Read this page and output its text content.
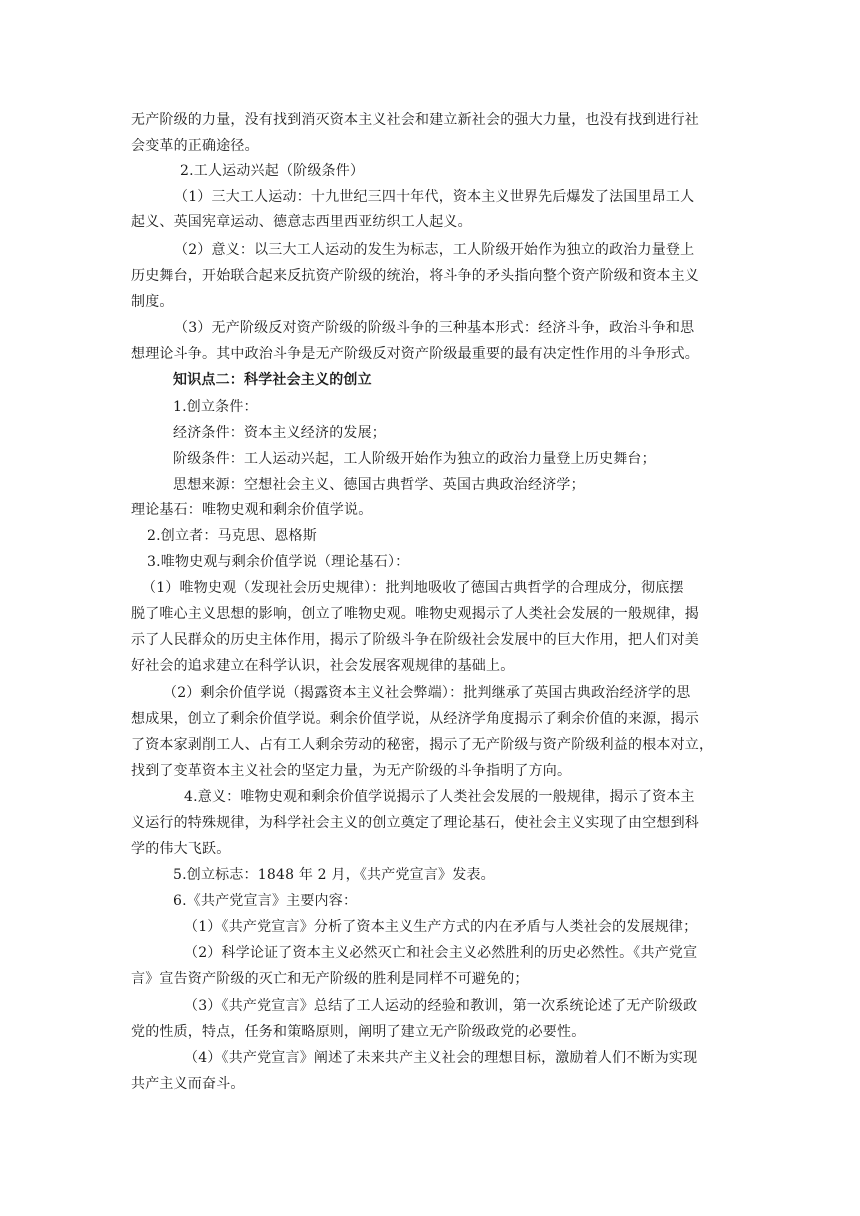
无产阶级的力量，没有找到消灭资本主义社会和建立新社会的强大力量，也没有找到进行社
会变革的正确途径。
2.工人运动兴起（阶级条件）
（1）三大工人运动：十九世纪三四十年代，资本主义世界先后爆发了法国里昂工人
起义、英国宪章运动、德意志西里西亚纺织工人起义。
（2）意义：以三大工人运动的发生为标志，工人阶级开始作为独立的政治力量登上
历史舞台，开始联合起来反抗资产阶级的统治，将斗争的矛头指向整个资产阶级和资本主义
制度。
（3）无产阶级反对资产阶级的阶级斗争的三种基本形式：经济斗争，政治斗争和思
想理论斗争。其中政治斗争是无产阶级反对资产阶级最重要的最有决定性作用的斗争形式。
知识点二：科学社会主义的创立
1.创立条件：
经济条件：资本主义经济的发展；
阶级条件：工人运动兴起，工人阶级开始作为独立的政治力量登上历史舞台；
思想来源：空想社会主义、德国古典哲学、英国古典政治经济学；
理论基石：唯物史观和剩余价值学说。
2.创立者：马克思、恩格斯
3.唯物史观与剩余价值学说（理论基石）：
（1）唯物史观（发现社会历史规律）：批判地吸收了德国古典哲学的合理成分，彻底摆
脱了唯心主义思想的影响，创立了唯物史观。唯物史观揭示了人类社会发展的一般规律，揭
示了人民群众的历史主体作用，揭示了阶级斗争在阶级社会发展中的巨大作用，把人们对美
好社会的追求建立在科学认识，社会发展客观规律的基础上。
（2）剩余价值学说（揭露资本主义社会弊端）：批判继承了英国古典政治经济学的思
想成果，创立了剩余价值学说。剩余价值学说，从经济学角度揭示了剩余价值的来源，揭示
了资本家剥削工人、占有工人剩余劳动的秘密，揭示了无产阶级与资产阶级利益的根本对立，
找到了变革资本主义社会的坚定力量，为无产阶级的斗争指明了方向。
4.意义：唯物史观和剩余价值学说揭示了人类社会发展的一般规律，揭示了资本主
义运行的特殊规律，为科学社会主义的创立奠定了理论基石，使社会主义实现了由空想到科
学的伟大飞跃。
5.创立标志：1848 年 2 月，《共产党宣言》发表。
6.《共产党宣言》主要内容：
（1）《共产党宣言》分析了资本主义生产方式的内在矛盾与人类社会的发展规律；
（2）科学论证了资本主义必然灭亡和社会主义必然胜利的历史必然性。《共产党宣
言》宣告资产阶级的灭亡和无产阶级的胜利是同样不可避免的；
（3）《共产党宣言》总结了工人运动的经验和教训，第一次系统论述了无产阶级政
党的性质，特点，任务和策略原则，阐明了建立无产阶级政党的必要性。
（4）《共产党宣言》阐述了未来共产主义社会的理想目标，激励着人们不断为实现
共产主义而奋斗。
